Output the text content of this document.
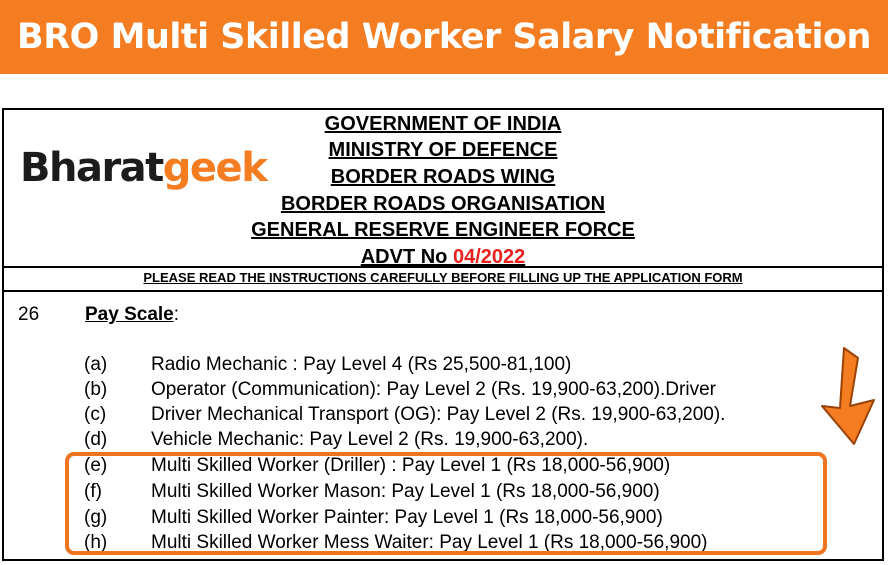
BRO Multi Skilled Worker Salary Notification
Bharatgeek
GOVERNMENT OF INDIA
MINISTRY OF DEFENCE
BORDER ROADS WING
BORDER ROADS ORGANISATION
GENERAL RESERVE ENGINEER FORCE
ADVT No 04/2022
PLEASE READ THE INSTRUCTIONS CAREFULLY BEFORE FILLING UP THE APPLICATION FORM
26 Pay Scale:
(a) Radio Mechanic : Pay Level 4 (Rs 25,500-81,100)
(b) Operator (Communication): Pay Level 2 (Rs. 19,900-63,200).Driver
(c) Driver Mechanical Transport (OG): Pay Level 2 (Rs. 19,900-63,200).
(d) Vehicle Mechanic: Pay Level 2 (Rs. 19,900-63,200).
(e) Multi Skilled Worker (Driller) : Pay Level 1 (Rs 18,000-56,900)
(f)	Multi Skilled Worker Mason: Pay Level 1 (Rs 18,000-56,900)
(g) Multi Skilled Worker Painter: Pay Level 1 (Rs 18,000-56,900)
(h) Multi Skilled Worker Mess Waiter: Pay Level 1 (Rs 18,000-56,900)
